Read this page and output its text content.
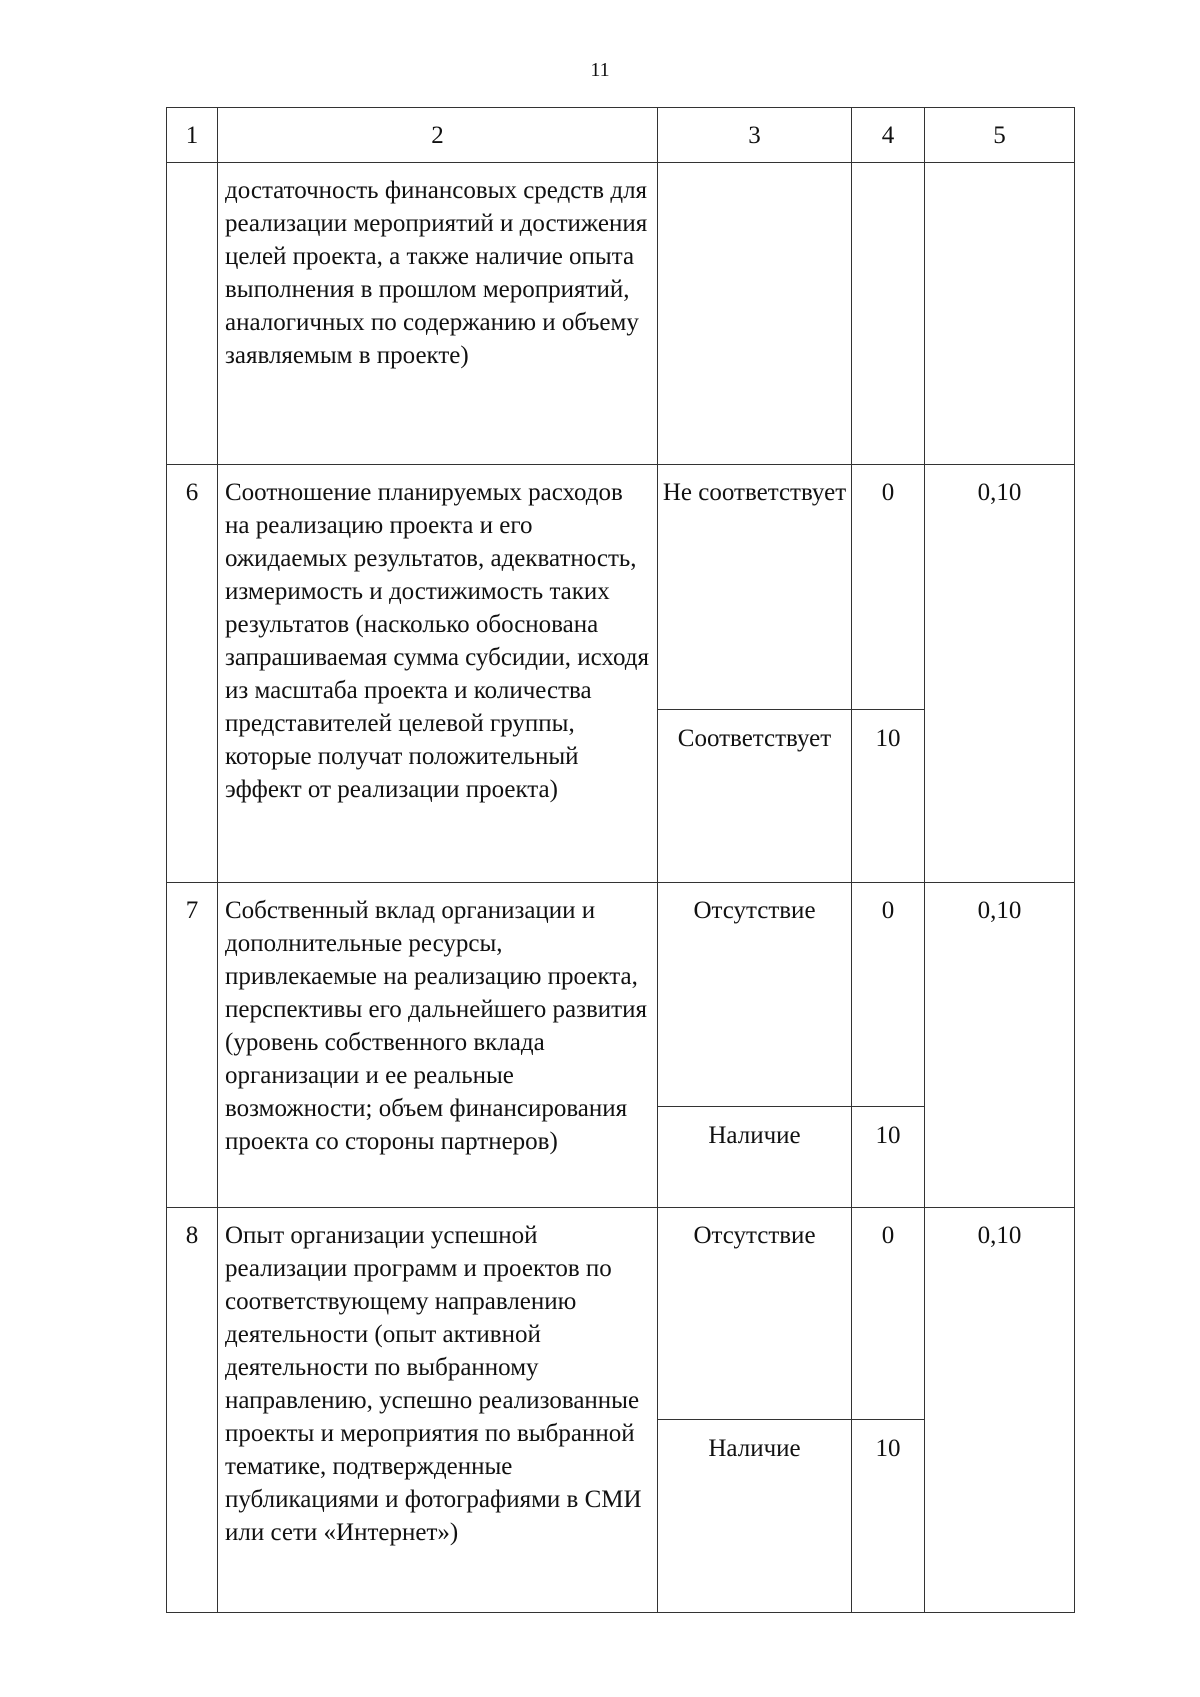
11
1	2	3	4	5
	достаточность финансовых средств для реализации мероприятий и достижения целей проекта, а также наличие опыта выполнения в прошлом мероприятий, аналогичных по содержанию и объему заявляемым в проекте)			
6	Соотношение планируемых расходов на реализацию проекта и его ожидаемых результатов, адекватность, измеримость и достижимость таких результатов (насколько обоснована запрашиваемая сумма субсидии, исходя из масштаба проекта и количества представителей целевой группы, которые получат положительный эффект от реализации проекта)	Не соответствует	0	0,10
		Соответствует	10	
7	Собственный вклад организации и дополнительные ресурсы, привлекаемые на реализацию проекта, перспективы его дальнейшего развития (уровень собственного вклада организации и ее реальные возможности; объем финансирования проекта со стороны партнеров)	Отсутствие	0	0,10
		Наличие	10	
8	Опыт организации успешной реализации программ и проектов по соответствующему направлению деятельности (опыт активной деятельности по выбранному направлению, успешно реализованные проекты и мероприятия по выбранной тематике, подтвержденные публикациями и фотографиями в СМИ или сети «Интернет»)	Отсутствие	0	0,10
		Наличие	10	
